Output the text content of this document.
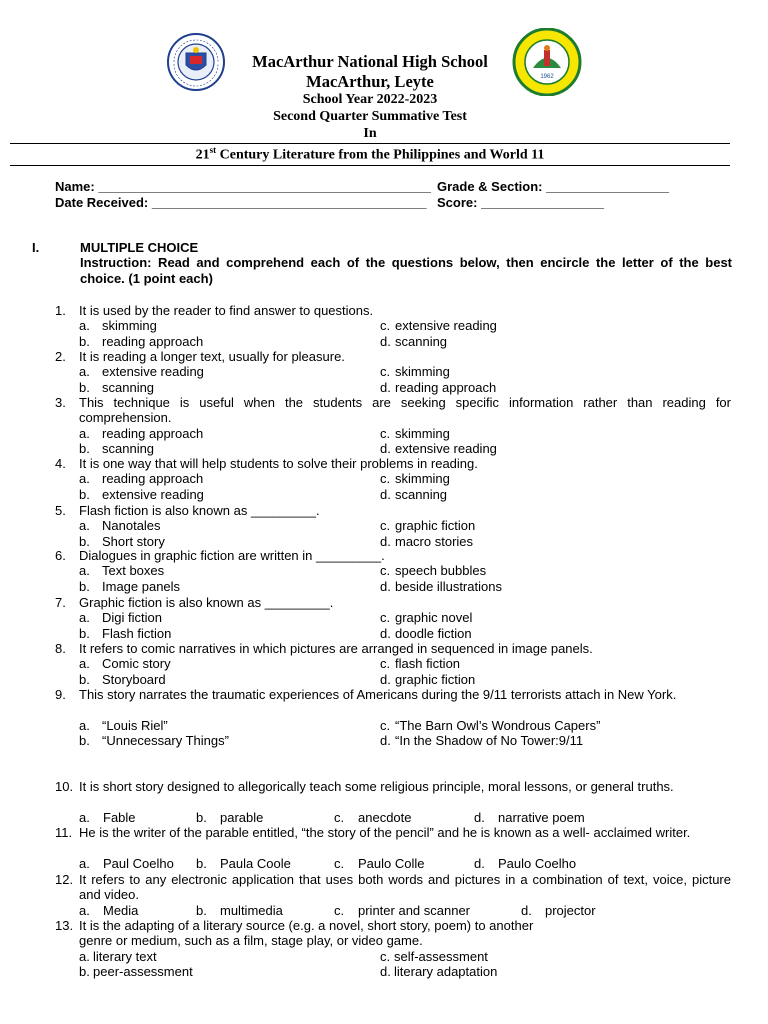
1962
MacArthur National High School
MacArthur, Leyte
School Year 2022-2023
Second Quarter Summative Test
In
21st Century Literature from the Philippines and World 11
Name: ______________________________________________ Grade & Section: _________________
Date Received: ______________________________________ Score: _________________
I.	MULTIPLE CHOICE
Instruction: Read and comprehend each of the questions below, then encircle the letter of the best choice. (1 point each)
1. It is used by the reader to find answer to questions.
a. skimming	c. extensive reading
b. reading approach	d. scanning
2. It is reading a longer text, usually for pleasure.
a. extensive reading	c. skimming
b. scanning	d. reading approach
3. This technique is useful when the students are seeking specific information rather than reading for comprehension.
a. reading approach	c. skimming
b. scanning	d. extensive reading
4. It is one way that will help students to solve their problems in reading.
a. reading approach	c. skimming
b. extensive reading	d. scanning
5. Flash fiction is also known as _________.
a. Nanotales	c. graphic fiction
b. Short story	d. macro stories
6. Dialogues in graphic fiction are written in _________.
a. Text boxes	c. speech bubbles
b. Image panels	d. beside illustrations
7. Graphic fiction is also known as _________.
a. Digi fiction	c. graphic novel
b. Flash fiction	d. doodle fiction
8. It refers to comic narratives in which pictures are arranged in sequenced in image panels.
a. Comic story	c. flash fiction
b. Storyboard	d. graphic fiction
9. This story narrates the traumatic experiences of Americans during the 9/11 terrorists attach in New York.
a. “Louis Riel”	c. “The Barn Owl’s Wondrous Capers”
b. “Unnecessary Things”	d. “In the Shadow of No Tower:9/11
10. It is short story designed to allegorically teach some religious principle, moral lessons, or general truths.
a. Fable	b. parable	c. anecdote	d. narrative poem
11. He is the writer of the parable entitled, “the story of the pencil” and he is known as a well- acclaimed writer.
a. Paul Coelho b. Paula Coole	c. Paulo Colle	d. Paulo Coelho
12. It refers to any electronic application that uses both words and pictures in a combination of text, voice, picture and video.
a. Media	b. multimedia	c. printer and scanner	d. projector
13. It is the adapting of a literary source (e.g. a novel, short story, poem) to another
genre or medium, such as a film, stage play, or video game.
a. literary text	c. self-assessment
b. peer-assessment	d. literary adaptation
